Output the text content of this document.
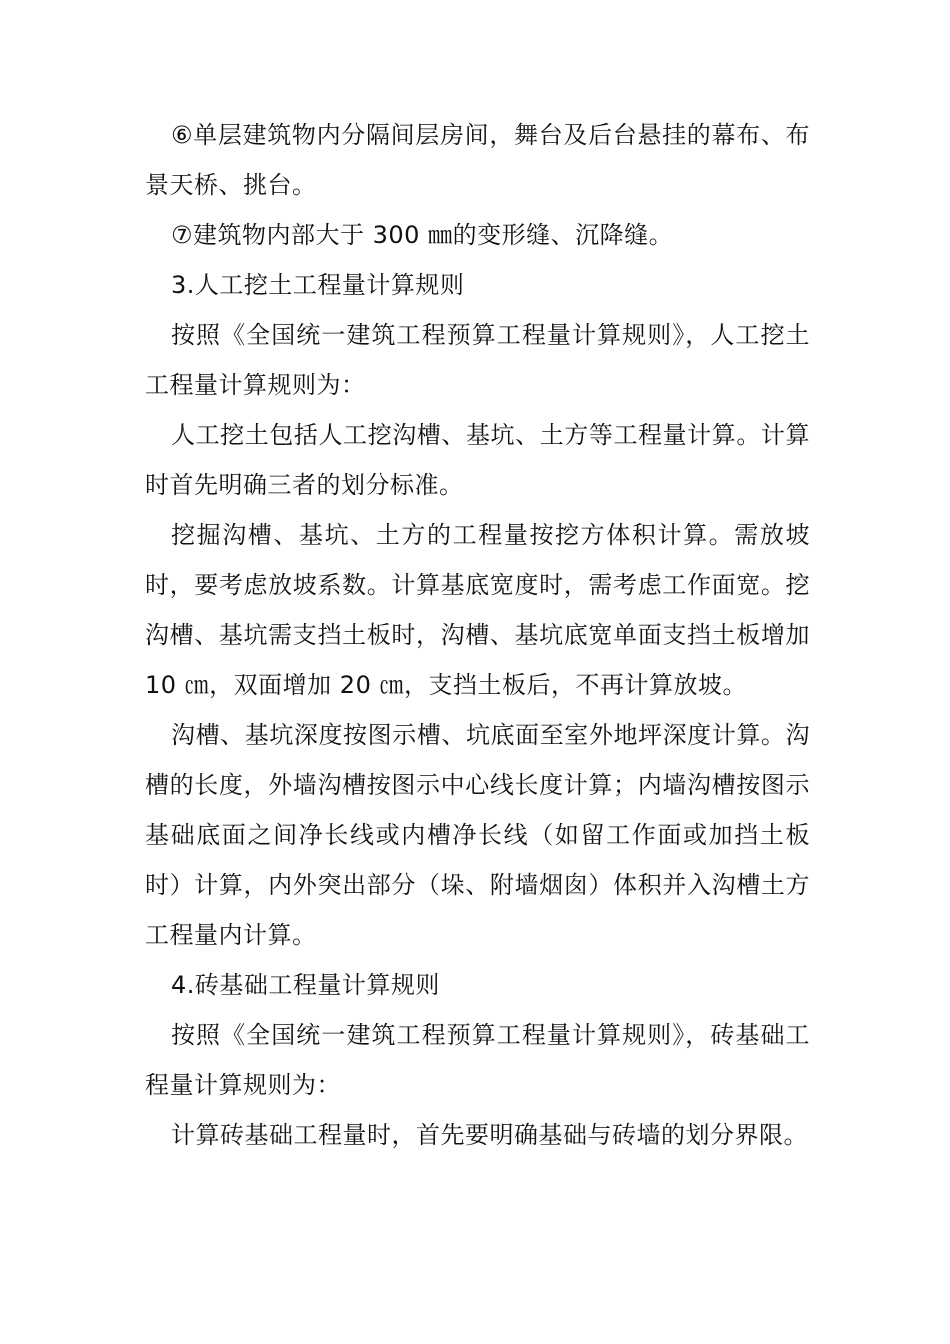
⑥单层建筑物内分隔间层房间，舞台及后台悬挂的幕布、布景天桥、挑台。

⑦建筑物内部大于 300 ㎜的变形缝、沉降缝。

3.人工挖土工程量计算规则

按照《全国统一建筑工程预算工程量计算规则》，人工挖土工程量计算规则为：

人工挖土包括人工挖沟槽、基坑、土方等工程量计算。计算时首先明确三者的划分标准。

挖掘沟槽、基坑、土方的工程量按挖方体积计算。需放坡时，要考虑放坡系数。计算基底宽度时，需考虑工作面宽。挖沟槽、基坑需支挡土板时，沟槽、基坑底宽单面支挡土板增加 10 ㎝，双面增加 20 ㎝，支挡土板后，不再计算放坡。

沟槽、基坑深度按图示槽、坑底面至室外地坪深度计算。沟槽的长度，外墙沟槽按图示中心线长度计算；内墙沟槽按图示基础底面之间净长线或内槽净长线（如留工作面或加挡土板时）计算，内外突出部分（垛、附墙烟囱）体积并入沟槽土方工程量内计算。

4.砖基础工程量计算规则

按照《全国统一建筑工程预算工程量计算规则》，砖基础工程量计算规则为：

计算砖基础工程量时，首先要明确基础与砖墙的划分界限。
